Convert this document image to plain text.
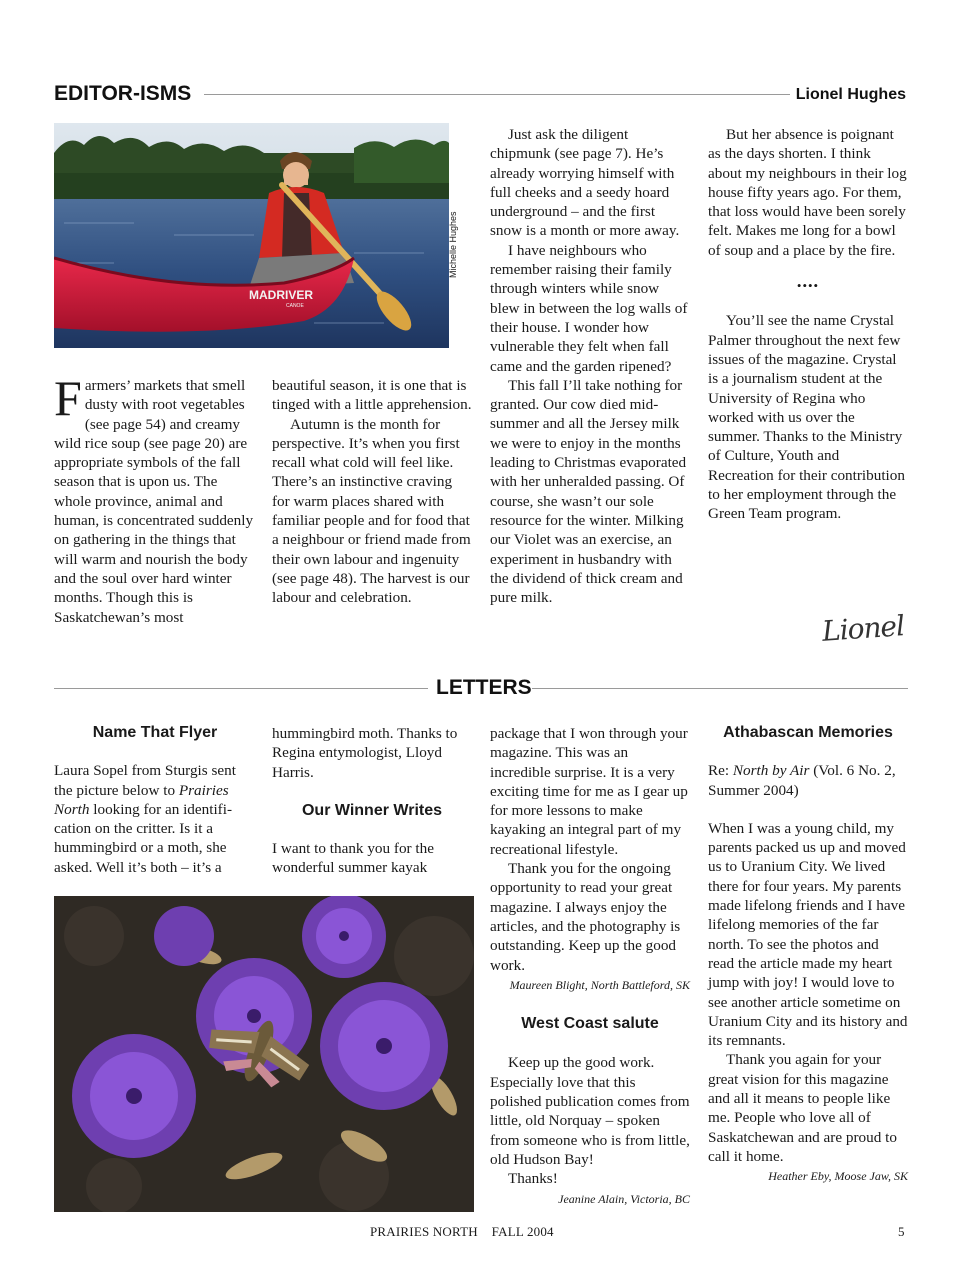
EDITOR-ISMS	Lionel Hughes
MADRIVER
CANOE
Michelle Hughes

Farmers’ markets that smell dusty with root vegetables (see page 54) and creamy wild rice soup (see page 20) are appropriate symbols of the fall season that is upon us. The whole province, animal and human, is concentrated suddenly on gathering in the things that will warm and nourish the body and the soul over hard winter months. Though this is Saskatchewan’s most

beautiful season, it is one that is tinged with a little apprehension.

Autumn is the month for perspective. It’s when you first recall what cold will feel like. There’s an instinctive craving for warm places shared with familiar people and for food that a neighbour or friend made from their own labour and ingenuity (see page 48). The harvest is our labour and celebration.

Just ask the diligent chipmunk (see page 7). He’s already worrying himself with full cheeks and a seedy hoard underground – and the first snow is a month or more away.

I have neighbours who remember raising their family through winters while snow blew in between the log walls of their house. I wonder how vulnerable they felt when fall came and the garden ripened?

This fall I’ll take nothing for granted. Our cow died mid-summer and all the Jersey milk we were to enjoy in the months leading to Christmas evaporated with her unheralded passing. Of course, she wasn’t our sole resource for the winter. Milking our Violet was an exercise, an experiment in husbandry with the dividend of thick cream and pure milk.

But her absence is poignant as the days shorten. I think about my neighbours in their log house fifty years ago. For them, that loss would have been sorely felt. Makes me long for a bowl of soup and a place by the fire.

••••

You’ll see the name Crystal Palmer throughout the next few issues of the magazine. Crystal is a journalism student at the University of Regina who worked with us over the summer. Thanks to the Ministry of Culture, Youth and Recreation for their contribution to her employment through the Green Team program.

Lionel
LETTERS

Name That Flyer

Laura Sopel from Sturgis sent the picture below to Prairies North looking for an identifi-cation on the critter. Is it a hummingbird or a moth, she asked. Well it’s both – it’s a

hummingbird moth. Thanks to Regina entymologist, Lloyd Harris.

Our Winner Writes

I want to thank you for the wonderful summer kayak

package that I won through your magazine. This was an incredible surprise. It is a very exciting time for me as I gear up for more lessons to make kayaking an integral part of my recreational lifestyle.

Thank you for the ongoing opportunity to read your great magazine. I always enjoy the articles, and the photography is outstanding. Keep up the good work.

Maureen Blight, North Battleford, SK

West Coast salute

Keep up the good work. Especially love that this polished publication comes from little, old Norquay – spoken from someone who is from little, old Hudson Bay!

Thanks!

Jeanine Alain, Victoria, BC

Athabascan Memories

Re: North by Air (Vol. 6 No. 2, Summer 2004)

When I was a young child, my parents packed us up and moved us to Uranium City. We lived there for four years. My parents made lifelong friends and I have lifelong memories of the far north. To see the photos and read the article made my heart jump with joy! I would love to see another article sometime on Uranium City and its history and its remnants.

Thank you again for your great vision for this magazine and all it means to people like me. People who love all of Saskatchewan and are proud to call it home.

Heather Eby, Moose Jaw, SK

PRAIRIES NORTH FALL 2004	5
